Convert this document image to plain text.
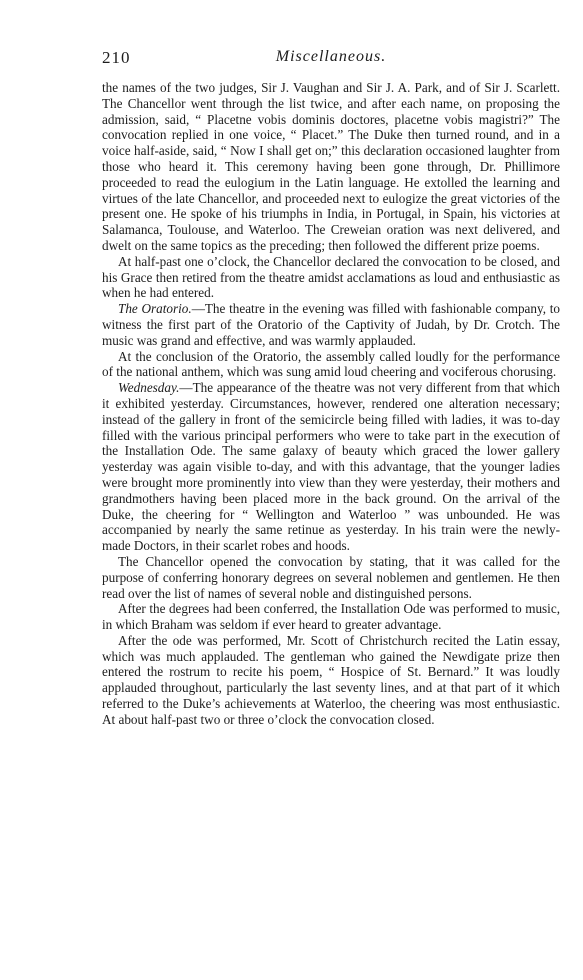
210	Miscellaneous.

the names of the two judges, Sir J. Vaughan and Sir J. A. Park, and of Sir J. Scarlett. The Chancellor went through the list twice, and after each name, on proposing the admission, said, “ Placetne vobis dominis doctores, placetne vobis magistri?” The convocation replied in one voice, “ Placet.” The Duke then turned round, and in a voice half-aside, said, “ Now I shall get on;” this declaration occasioned laughter from those who heard it. This ceremony having been gone through, Dr. Phillimore proceeded to read the eulogium in the Latin language. He extolled the learning and virtues of the late Chancellor, and proceeded next to eulogize the great victories of the present one. He spoke of his triumphs in India, in Portugal, in Spain, his victories at Salamanca, Toulouse, and Waterloo. The Creweian oration was next delivered, and dwelt on the same topics as the preceding; then followed the different prize poems.

At half-past one o’clock, the Chancellor declared the convocation to be closed, and his Grace then retired from the theatre amidst acclamations as loud and enthusiastic as when he had entered.

The Oratorio.—The theatre in the evening was filled with fashionable company, to witness the first part of the Oratorio of the Captivity of Judah, by Dr. Crotch. The music was grand and effective, and was warmly applauded.

At the conclusion of the Oratorio, the assembly called loudly for the performance of the national anthem, which was sung amid loud cheering and vociferous chorusing.

Wednesday.—The appearance of the theatre was not very different from that which it exhibited yesterday. Circumstances, however, rendered one alteration necessary; instead of the gallery in front of the semicircle being filled with ladies, it was to-day filled with the various principal performers who were to take part in the execution of the Installation Ode. The same galaxy of beauty which graced the lower gallery yesterday was again visible to-day, and with this advantage, that the younger ladies were brought more prominently into view than they were yesterday, their mothers and grandmothers having been placed more in the back ground. On the arrival of the Duke, the cheering for “ Wellington and Waterloo ” was unbounded. He was accompanied by nearly the same retinue as yesterday. In his train were the newly-made Doctors, in their scarlet robes and hoods.

The Chancellor opened the convocation by stating, that it was called for the purpose of conferring honorary degrees on several noblemen and gentlemen. He then read over the list of names of several noble and distinguished persons.

After the degrees had been conferred, the Installation Ode was performed to music, in which Braham was seldom if ever heard to greater advantage.

After the ode was performed, Mr. Scott of Christchurch recited the Latin essay, which was much applauded. The gentleman who gained the Newdigate prize then entered the rostrum to recite his poem, “ Hospice of St. Bernard.” It was loudly applauded throughout, particularly the last seventy lines, and at that part of it which referred to the Duke’s achievements at Waterloo, the cheering was most enthusiastic. At about half-past two or three o’clock the convocation closed.
